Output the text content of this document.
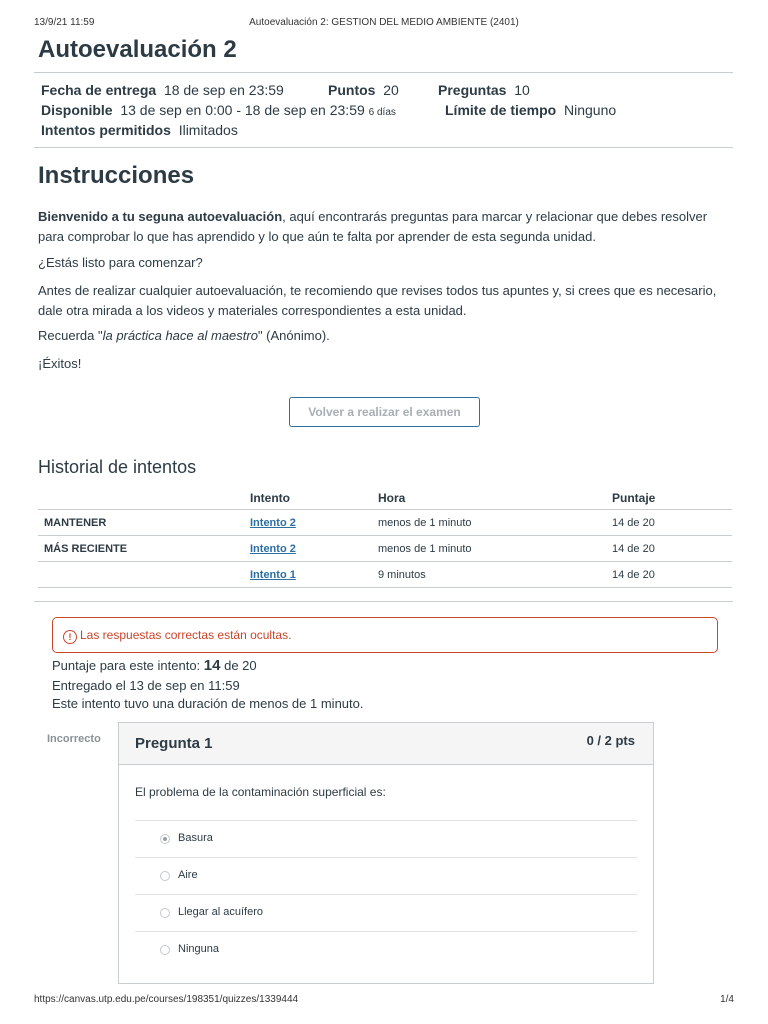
13/9/21 11:59	Autoevaluación 2: GESTION DEL MEDIO AMBIENTE (2401)
Autoevaluación 2
Fecha de entrega 18 de sep en 23:59	Puntos 20	Preguntas 10
Disponible 13 de sep en 0:00 - 18 de sep en 23:59 6 días	Límite de tiempo Ninguno
Intentos permitidos Ilimitados
Instrucciones

Bienvenido a tu seguna autoevaluación, aquí encontrarás preguntas para marcar y relacionar que debes resolver para comprobar lo que has aprendido y lo que aún te falta por aprender de esta segunda unidad.

¿Estás listo para comenzar?

Antes de realizar cualquier autoevaluación, te recomiendo que revises todos tus apuntes y, si crees que es necesario, dale otra mirada a los videos y materiales correspondientes a esta unidad.

Recuerda "la práctica hace al maestro" (Anónimo).

¡Éxitos!

Volver a realizar el examen
Historial de intentos
	Intento	Hora	Puntaje
MANTENER	Intento 2	menos de 1 minuto	14 de 20
MÁS RECIENTE	Intento 2	menos de 1 minuto	14 de 20
	Intento 1	9 minutos	14 de 20
! Las respuestas correctas están ocultas.
Puntaje para este intento: 14 de 20
Entregado el 13 de sep en 11:59
Este intento tuvo una duración de menos de 1 minuto.
Incorrecto Pregunta 1	0 / 2 pts
El problema de la contaminación superficial es:
Basura
Aire
Llegar al acuífero
Ninguna
https://canvas.utp.edu.pe/courses/198351/quizzes/1339444	1/4
